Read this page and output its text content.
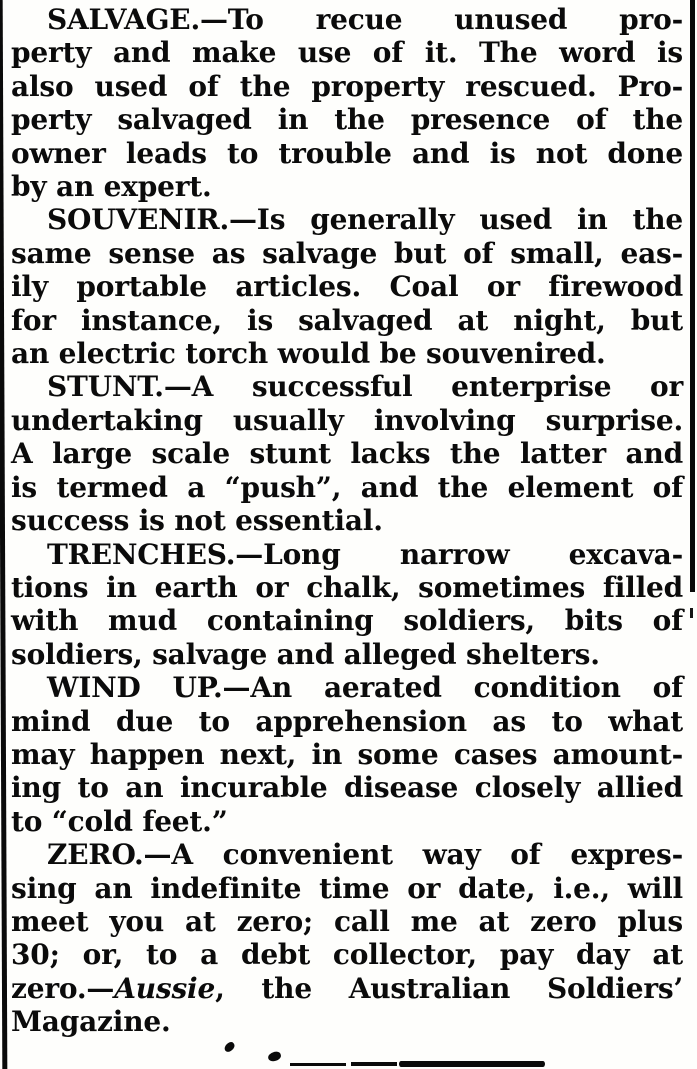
SALVAGE.—To recue unused pro-
perty and make use of it. The word is
also used of the property rescued. Pro-
perty salvaged in the presence of the
owner leads to trouble and is not done
by an expert.
SOUVENIR.—Is generally used in the
same sense as salvage but of small, eas-
ily portable articles. Coal or firewood
for instance, is salvaged at night, but
an electric torch would be souvenired.
STUNT.—A successful enterprise or
undertaking usually involving surprise.
A large scale stunt lacks the latter and
is termed a “push”, and the element of
success is not essential.
TRENCHES.—Long narrow excava-
tions in earth or chalk, sometimes filled
with mud containing soldiers, bits of
soldiers, salvage and alleged shelters.
WIND UP.—An aerated condition of
mind due to apprehension as to what
may happen next, in some cases amount-
ing to an incurable disease closely allied
to “cold feet.”
ZERO.—A convenient way of expres-
sing an indefinite time or date, i.e., will
meet you at zero; call me at zero plus
30; or, to a debt collector, pay day at
zero.—Aussie, the Australian Soldiers’
Magazine.
